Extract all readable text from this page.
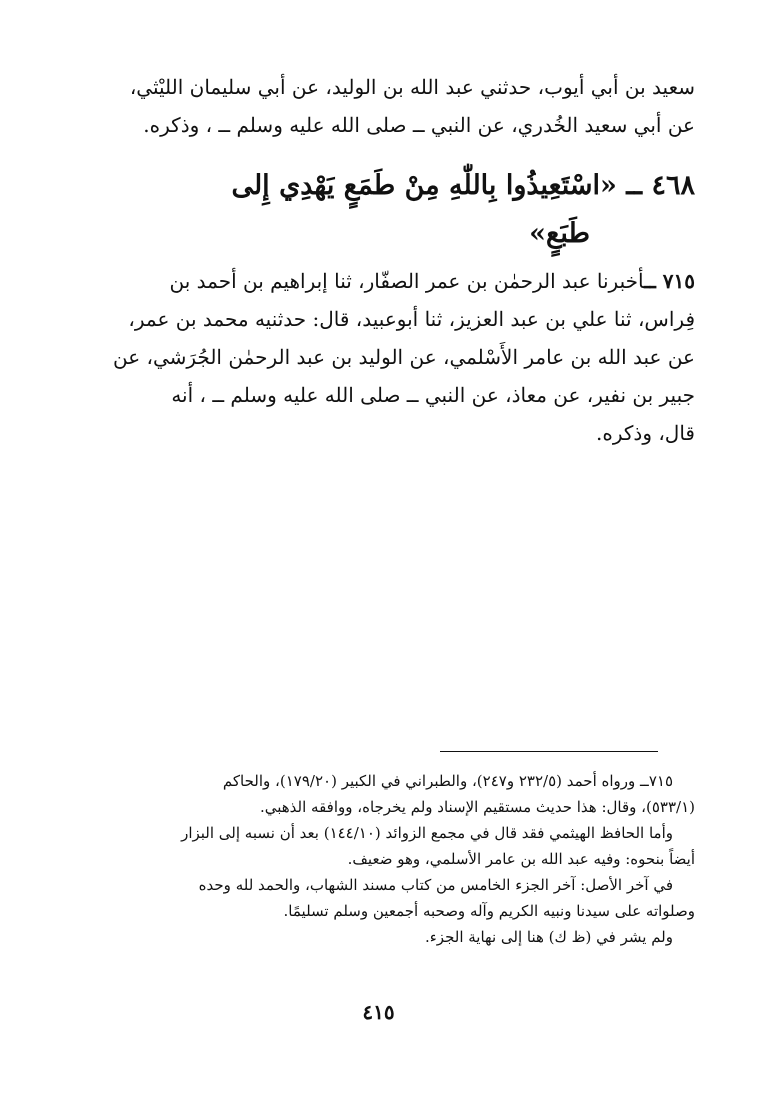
سعيد بن أبي أيوب، حدثني عبد الله بن الوليد، عن أبي سليمان الليْثي،
عن أبي سعيد الخُدري، عن النبي ــ صلى الله عليه وسلم ــ ، وذكره.
٤٦٨ ــ «اسْتَعِيذُوا بِاللّٰهِ مِنْ طَمَعٍ يَهْدِي إِلى
طَبَعٍ»
٧١٥ ــأخبرنا عبد الرحمٰن بن عمر الصفّار، ثنا إبراهيم بن أحمد بن
فِراس، ثنا علي بن عبد العزيز، ثنا أبوعبيد، قال: حدثنيه محمد بن عمر،
عن عبد الله بن عامر الأَسْلمي، عن الوليد بن عبد الرحمٰن الجُرَشي، عن
جبير بن نفير، عن معاذ، عن النبي ــ صلى الله عليه وسلم ــ ، أنه
قال، وذكره.
٧١٥ــ ورواه أحمد (٢٣٢/٥ و٢٤٧)، والطبراني في الكبير (١٧٩/٢٠)، والحاكم
(٥٣٣/١)، وقال: هذا حديث مستقيم الإسناد ولم يخرجاه، ووافقه الذهبي.
وأما الحافظ الهيثمي فقد قال في مجمع الزوائد (١٤٤/١٠) بعد أن نسبه إلى البزار
أيضاً بنحوه: وفيه عبد الله بن عامر الأسلمي، وهو ضعيف.
في آخر الأصل: آخر الجزء الخامس من كتاب مسند الشهاب، والحمد لله وحده
وصلواته على سيدنا ونبيه الكريم وآله وصحبه أجمعين وسلم تسليمًا.
ولم يشر في (ظ ك) هنا إلى نهاية الجزء.
٤١٥
